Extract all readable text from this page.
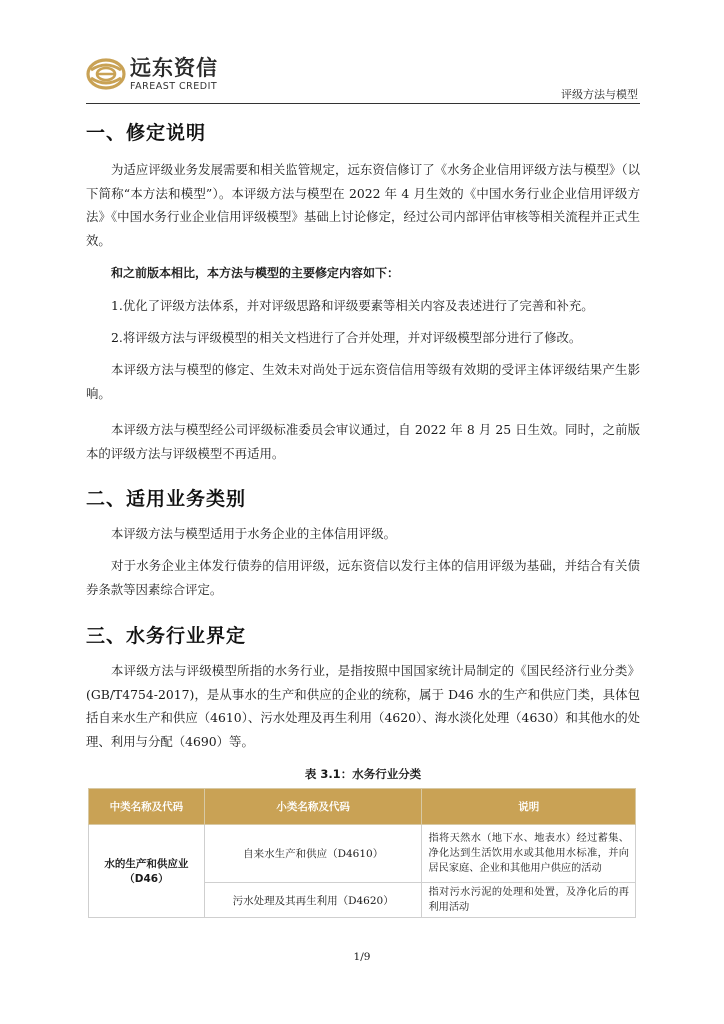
远东资信
FAREAST CREDIT
评级方法与模型
一、修定说明

为适应评级业务发展需要和相关监管规定，远东资信修订了《水务企业信用评级方法与模型》（以下简称“本方法和模型”）。本评级方法与模型在 2022 年 4 月生效的《中国水务行业企业信用评级方法》《中国水务行业企业信用评级模型》基础上讨论修定，经过公司内部评估审核等相关流程并正式生效。

和之前版本相比，本方法与模型的主要修定内容如下：

1.优化了评级方法体系，并对评级思路和评级要素等相关内容及表述进行了完善和补充。

2.将评级方法与评级模型的相关文档进行了合并处理，并对评级模型部分进行了修改。

本评级方法与模型的修定、生效未对尚处于远东资信信用等级有效期的受评主体评级结果产生影响。

本评级方法与模型经公司评级标准委员会审议通过，自 2022 年 8 月 25 日生效。同时，之前版本的评级方法与评级模型不再适用。

二、适用业务类别

本评级方法与模型适用于水务企业的主体信用评级。

对于水务企业主体发行债券的信用评级，远东资信以发行主体的信用评级为基础，并结合有关债券条款等因素综合评定。

三、水务行业界定

本评级方法与评级模型所指的水务行业，是指按照中国国家统计局制定的《国民经济行业分类》(GB/T4754-2017)，是从事水的生产和供应的企业的统称，属于 D46 水的生产和供应门类，具体包括自来水生产和供应（4610）、污水处理及再生利用（4620）、海水淡化处理（4630）和其他水的处理、利用与分配（4690）等。

表 3.1：水务行业分类
中类名称及代码	小类名称及代码	说明
水的生产和供应业（D46）	自来水生产和供应（D4610）	指将天然水（地下水、地表水）经过蓄集、净化达到生活饮用水或其他用水标准，并向居民家庭、企业和其他用户供应的活动
	污水处理及其再生利用（D4620）	指对污水污泥的处理和处置，及净化后的再利用活动
1/9
